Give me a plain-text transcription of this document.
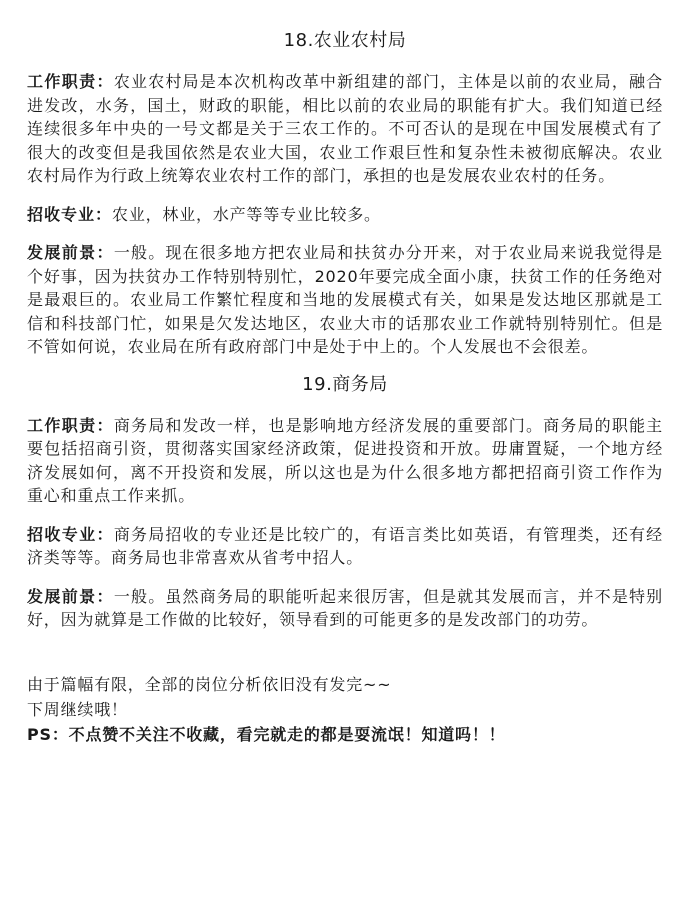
18.农业农村局

工作职责：农业农村局是本次机构改革中新组建的部门，主体是以前的农业局，融合进发改，水务，国土，财政的职能，相比以前的农业局的职能有扩大。我们知道已经连续很多年中央的一号文都是关于三农工作的。不可否认的是现在中国发展模式有了很大的改变但是我国依然是农业大国，农业工作艰巨性和复杂性未被彻底解决。农业农村局作为行政上统筹农业农村工作的部门，承担的也是发展农业农村的任务。

招收专业：农业，林业，水产等等专业比较多。

发展前景：一般。现在很多地方把农业局和扶贫办分开来，对于农业局来说我觉得是个好事，因为扶贫办工作特别特别忙，2020年要完成全面小康，扶贫工作的任务绝对是最艰巨的。农业局工作繁忙程度和当地的发展模式有关，如果是发达地区那就是工信和科技部门忙，如果是欠发达地区，农业大市的话那农业工作就特别特别忙。但是不管如何说，农业局在所有政府部门中是处于中上的。个人发展也不会很差。

19.商务局

工作职责：商务局和发改一样，也是影响地方经济发展的重要部门。商务局的职能主要包括招商引资，贯彻落实国家经济政策，促进投资和开放。毋庸置疑，一个地方经济发展如何，离不开投资和发展，所以这也是为什么很多地方都把招商引资工作作为重心和重点工作来抓。

招收专业：商务局招收的专业还是比较广的，有语言类比如英语，有管理类，还有经济类等等。商务局也非常喜欢从省考中招人。

发展前景：一般。虽然商务局的职能听起来很厉害，但是就其发展而言，并不是特别好，因为就算是工作做的比较好，领导看到的可能更多的是发改部门的功劳。

由于篇幅有限，全部的岗位分析依旧没有发完~~
下周继续哦！
PS：不点赞不关注不收藏，看完就走的都是耍流氓！知道吗！！
